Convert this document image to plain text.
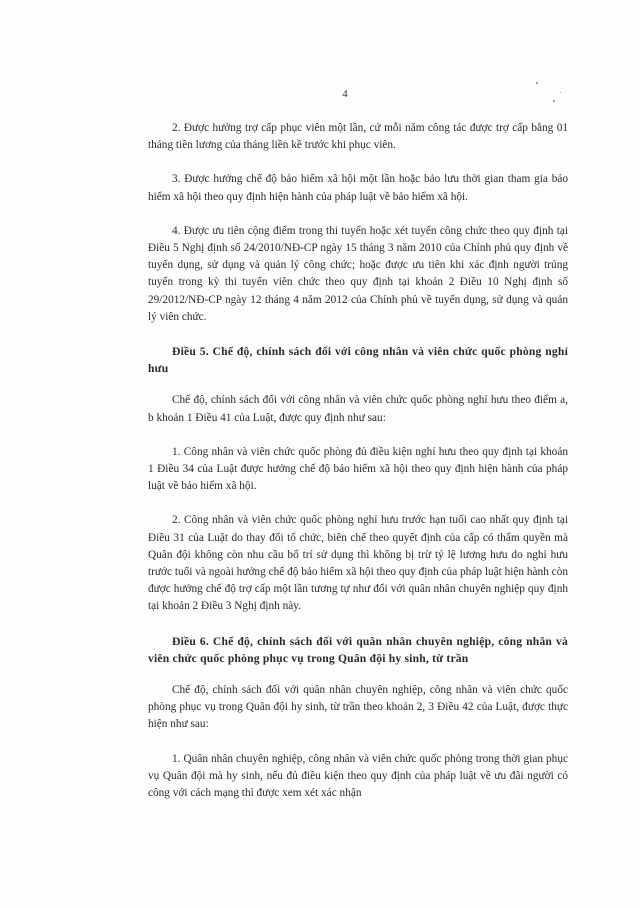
4

2. Được hưởng trợ cấp phục viên một lần, cứ mỗi năm công tác được trợ cấp bằng 01 tháng tiền lương của tháng liền kề trước khi phục viên.

3. Được hưởng chế độ bảo hiểm xã hội một lần hoặc bảo lưu thời gian tham gia bảo hiểm xã hội theo quy định hiện hành của pháp luật về bảo hiểm xã hội.

4. Được ưu tiên cộng điểm trong thi tuyển hoặc xét tuyển công chức theo quy định tại Điều 5 Nghị định số 24/2010/NĐ-CP ngày 15 tháng 3 năm 2010 của Chính phủ quy định về tuyển dụng, sử dụng và quản lý công chức; hoặc được ưu tiên khi xác định người trúng tuyển trong kỳ thi tuyển viên chức theo quy định tại khoản 2 Điều 10 Nghị định số 29/2012/NĐ-CP ngày 12 tháng 4 năm 2012 của Chính phủ về tuyển dụng, sử dụng và quản lý viên chức.

Điều 5. Chế độ, chính sách đối với công nhân và viên chức quốc phòng nghỉ hưu

Chế độ, chính sách đối với công nhân và viên chức quốc phòng nghỉ hưu theo điểm a, b khoản 1 Điều 41 của Luật, được quy định như sau:

1. Công nhân và viên chức quốc phòng đủ điều kiện nghỉ hưu theo quy định tại khoản 1 Điều 34 của Luật được hưởng chế độ bảo hiểm xã hội theo quy định hiện hành của pháp luật về bảo hiểm xã hội.

2. Công nhân và viên chức quốc phòng nghỉ hưu trước hạn tuổi cao nhất quy định tại Điều 31 của Luật do thay đổi tổ chức, biên chế theo quyết định của cấp có thẩm quyền mà Quân đội không còn nhu cầu bố trí sử dụng thì không bị trừ tỷ lệ lương hưu do nghỉ hưu trước tuổi và ngoài hưởng chế độ bảo hiểm xã hội theo quy định của pháp luật hiện hành còn được hưởng chế độ trợ cấp một lần tương tự như đối với quân nhân chuyên nghiệp quy định tại khoản 2 Điều 3 Nghị định này.

Điều 6. Chế độ, chính sách đối với quân nhân chuyên nghiệp, công nhân và viên chức quốc phòng phục vụ trong Quân đội hy sinh, từ trần

Chế độ, chính sách đối với quân nhân chuyên nghiệp, công nhân và viên chức quốc phòng phục vụ trong Quân đội hy sinh, từ trần theo khoản 2, 3 Điều 42 của Luật, được thực hiện như sau:

1. Quân nhân chuyên nghiệp, công nhân và viên chức quốc phòng trong thời gian phục vụ Quân đội mà hy sinh, nếu đủ điều kiện theo quy định của pháp luật về ưu đãi người có công với cách mạng thì được xem xét xác nhận
